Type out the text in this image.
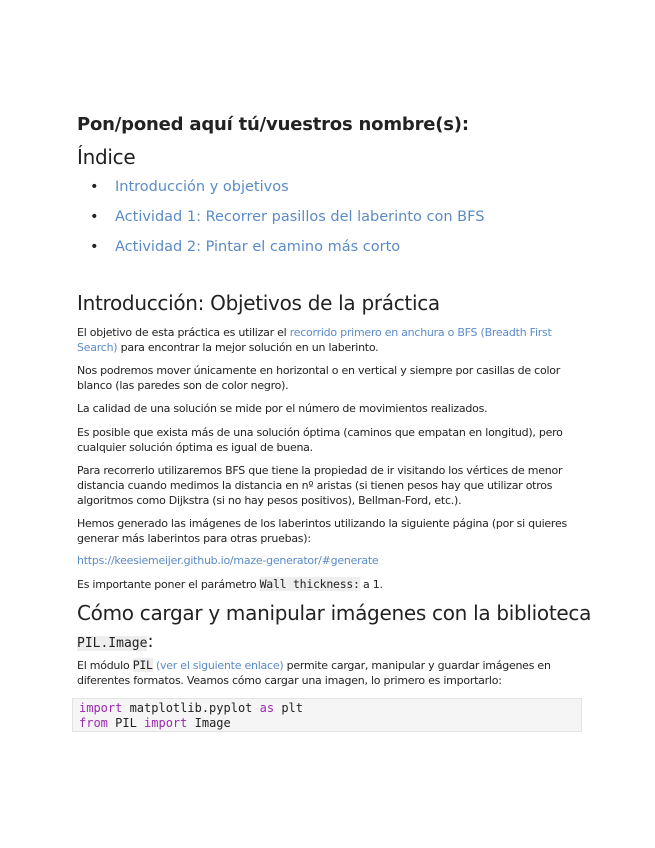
Pon/poned aquí tú/vuestros nombre(s):
Índice
• Introducción y objetivos
• Actividad 1: Recorrer pasillos del laberinto con BFS
• Actividad 2: Pintar el camino más corto
Introducción: Objetivos de la práctica
El objetivo de esta práctica es utilizar el recorrido primero en anchura o BFS (Breadth First Search) para encontrar la mejor solución en un laberinto.
Nos podremos mover únicamente en horizontal o en vertical y siempre por casillas de color blanco (las paredes son de color negro).
La calidad de una solución se mide por el número de movimientos realizados.
Es posible que exista más de una solución óptima (caminos que empatan en longitud), pero cualquier solución óptima es igual de buena.
Para recorrerlo utilizaremos BFS que tiene la propiedad de ir visitando los vértices de menor distancia cuando medimos la distancia en nº aristas (si tienen pesos hay que utilizar otros algoritmos como Dijkstra (si no hay pesos positivos), Bellman-Ford, etc.).
Hemos generado las imágenes de los laberintos utilizando la siguiente página (por si quieres generar más laberintos para otras pruebas):
https://keesiemeijer.github.io/maze-generator/#generate
Es importante poner el parámetro Wall thickness: a 1.
Cómo cargar y manipular imágenes con la biblioteca
PIL.Image:
El módulo PIL (ver el siguiente enlace) permite cargar, manipular y guardar imágenes en diferentes formatos. Veamos cómo cargar una imagen, lo primero es importarlo:
import matplotlib.pyplot as plt
from PIL import Image
